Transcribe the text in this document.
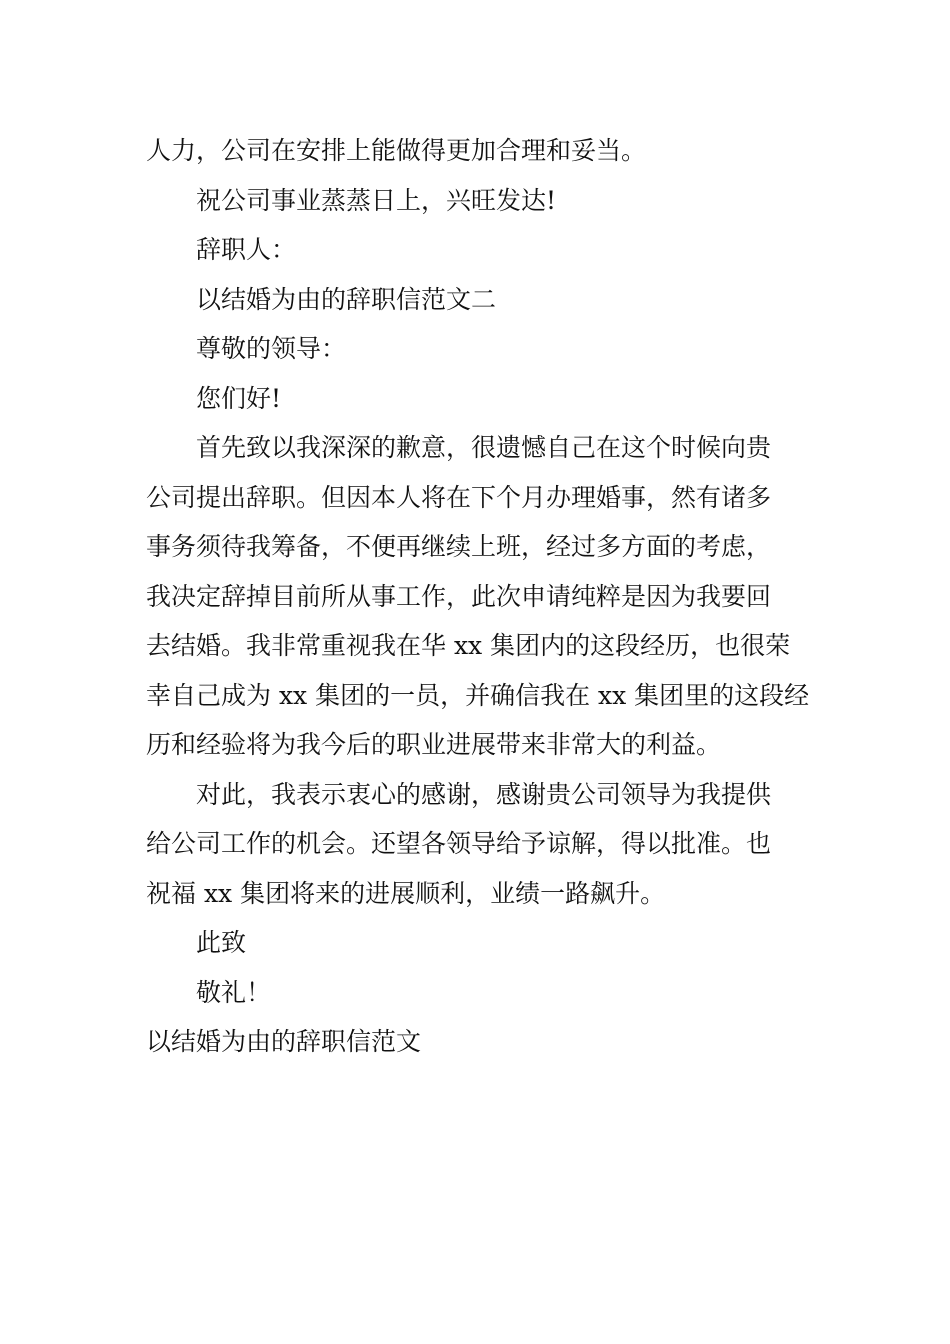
人力，公司在安排上能做得更加合理和妥当。

祝公司事业蒸蒸日上，兴旺发达!

辞职人：

以结婚为由的辞职信范文二

尊敬的领导：

您们好!

首先致以我深深的歉意，很遗憾自己在这个时候向贵
公司提出辞职。但因本人将在下个月办理婚事，然有诸多
事务须待我筹备，不便再继续上班，经过多方面的考虑，
我决定辞掉目前所从事工作，此次申请纯粹是因为我要回
去结婚。我非常重视我在华 xx 集团内的这段经历，也很荣
幸自己成为 xx 集团的一员，并确信我在 xx 集团里的这段经
历和经验将为我今后的职业进展带来非常大的利益。
对此，我表示衷心的感谢，感谢贵公司领导为我提供
给公司工作的机会。还望各领导给予谅解，得以批准。也
祝福 xx 集团将来的进展顺利，业绩一路飙升。

此致

敬礼！

以结婚为由的辞职信范文
